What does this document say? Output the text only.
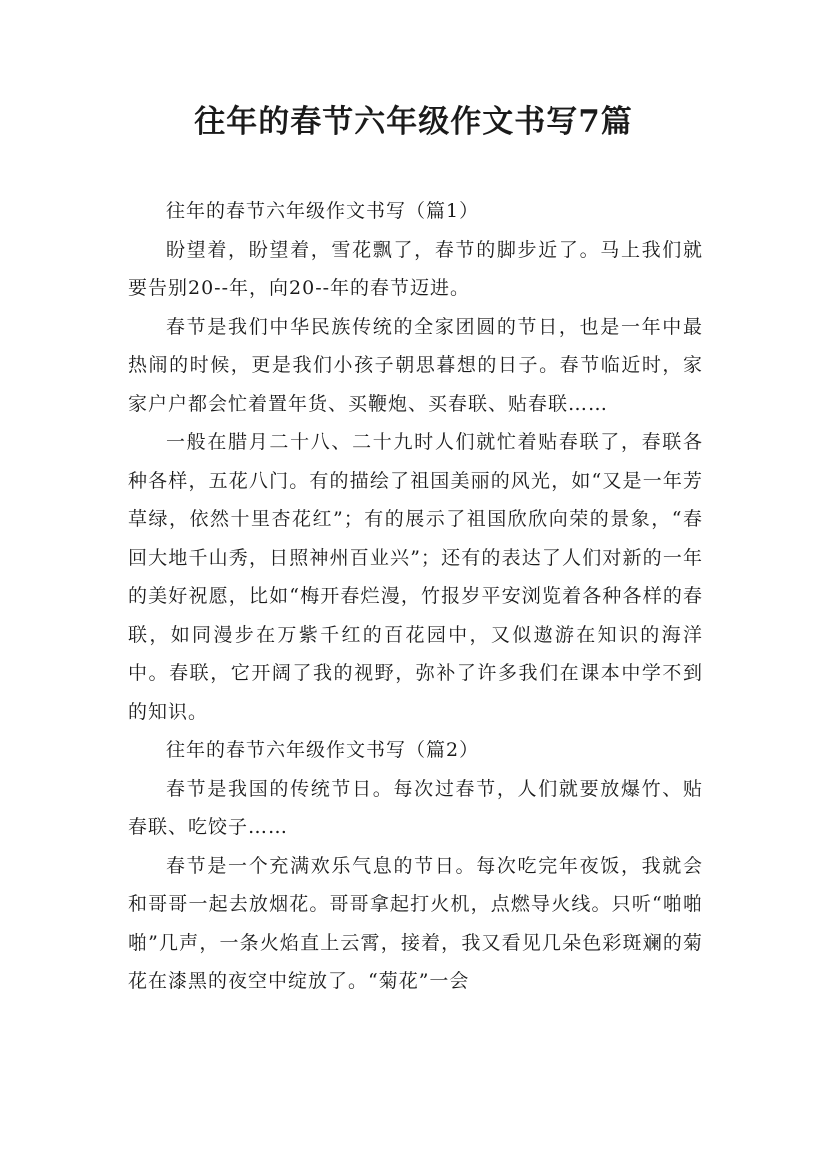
往年的春节六年级作文书写7篇

往年的春节六年级作文书写（篇1）

盼望着，盼望着，雪花飘了，春节的脚步近了。马上我们就要告别20--年，向20--年的春节迈进。

春节是我们中华民族传统的全家团圆的节日，也是一年中最热闹的时候，更是我们小孩子朝思暮想的日子。春节临近时，家家户户都会忙着置年货、买鞭炮、买春联、贴春联……

一般在腊月二十八、二十九时人们就忙着贴春联了，春联各种各样，五花八门。有的描绘了祖国美丽的风光，如“又是一年芳草绿，依然十里杏花红”；有的展示了祖国欣欣向荣的景象，“春回大地千山秀，日照神州百业兴”；还有的表达了人们对新的一年的美好祝愿，比如“梅开春烂漫，竹报岁平安浏览着各种各样的春联，如同漫步在万紫千红的百花园中，又似遨游在知识的海洋中。春联，它开阔了我的视野，弥补了许多我们在课本中学不到的知识。

往年的春节六年级作文书写（篇2）

春节是我国的传统节日。每次过春节，人们就要放爆竹、贴春联、吃饺子……

春节是一个充满欢乐气息的节日。每次吃完年夜饭，我就会和哥哥一起去放烟花。哥哥拿起打火机，点燃导火线。只听“啪啪啪”几声，一条火焰直上云霄，接着，我又看见几朵色彩斑斓的菊花在漆黑的夜空中绽放了。“菊花”一会
